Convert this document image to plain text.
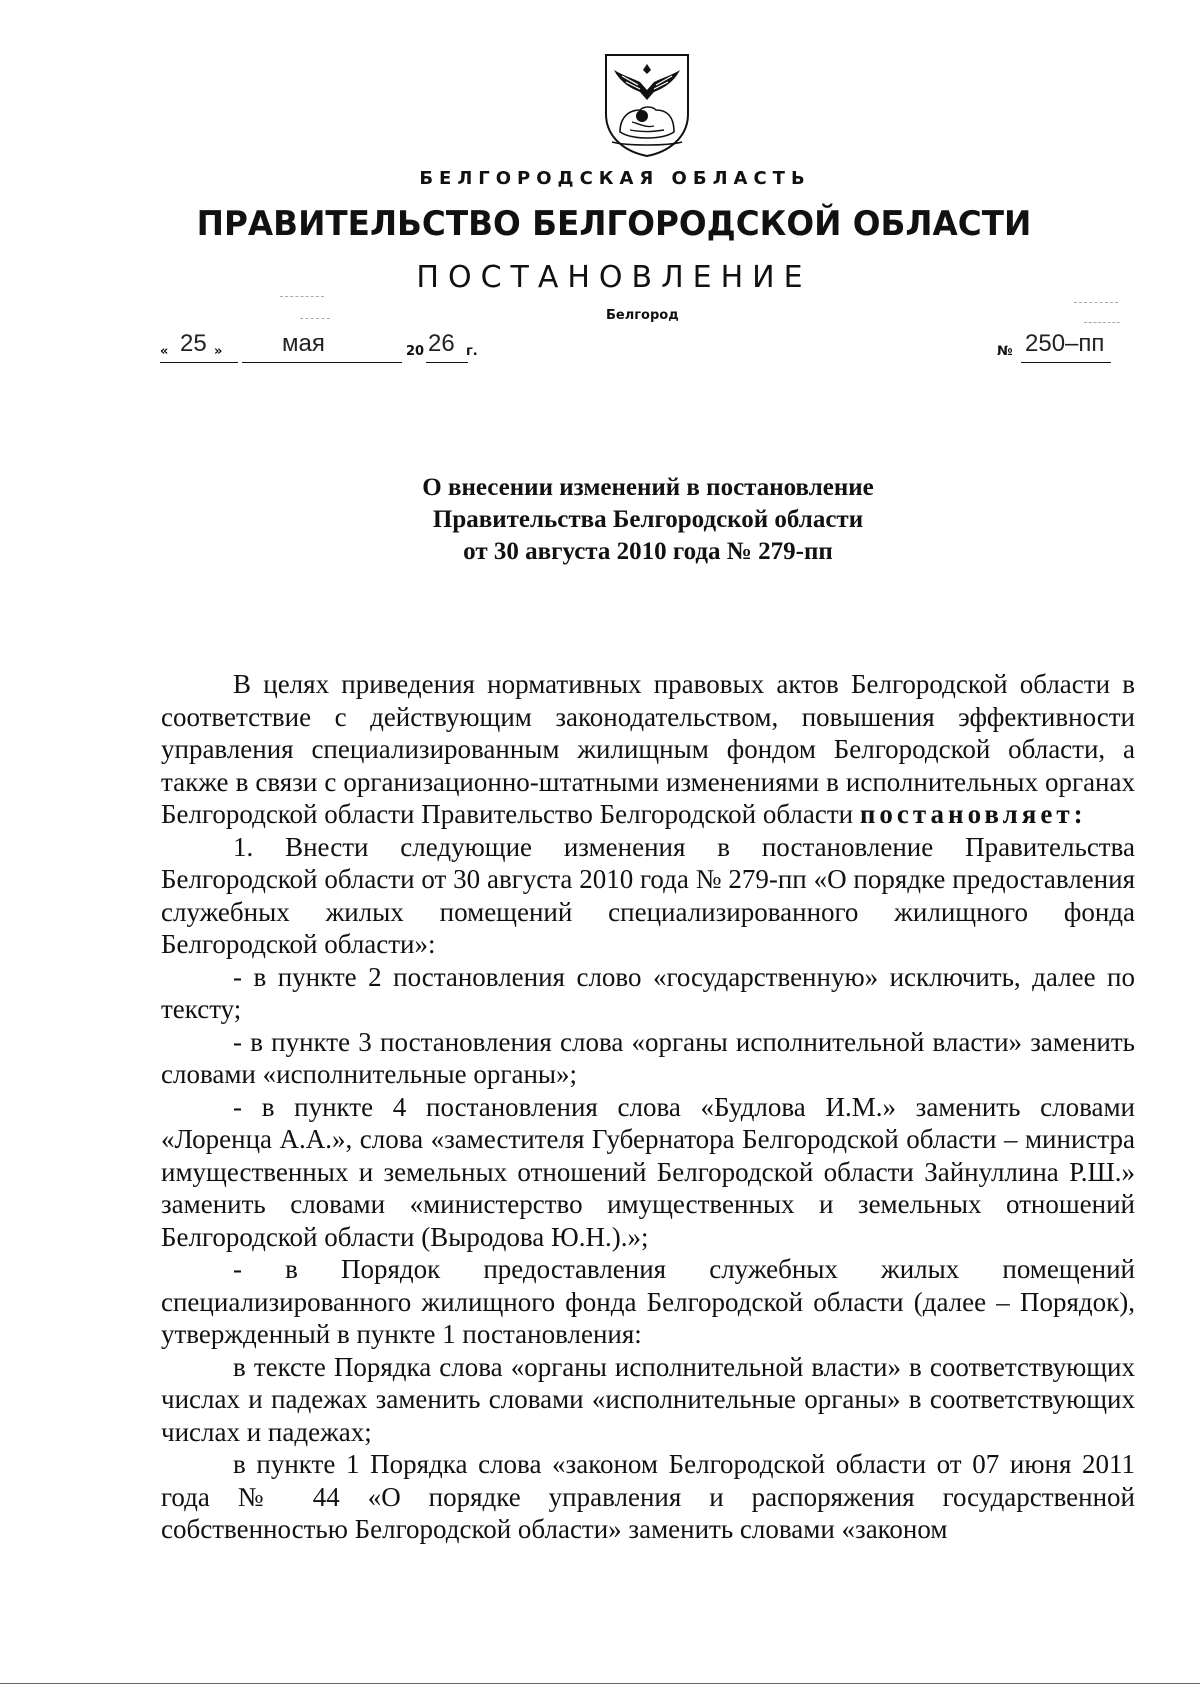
БЕЛГОРОДСКАЯ ОБЛАСТЬ
ПРАВИТЕЛЬСТВО БЕЛГОРОДСКОЙ ОБЛАСТИ
ПОСТАНОВЛЕНИЕ
Белгород
« 25 » мая	20 26 г.	№ 250–пп
О внесении изменений в постановление
Правительства Белгородской области
от 30 августа 2010 года № 279-пп

В целях приведения нормативных правовых актов Белгородской области в соответствие с действующим законодательством, повышения эффективности управления специализированным жилищным фондом Белгородской области, а также в связи с организационно-штатными изменениями в исполнительных органах Белгородской области Правительство Белгородской области постановляет:

1. Внести следующие изменения в постановление Правительства Белгородской области от 30 августа 2010 года № 279-пп «О порядке предоставления служебных жилых помещений специализированного жилищного фонда Белгородской области»:

- в пункте 2 постановления слово «государственную» исключить, далее по тексту;

- в пункте 3 постановления слова «органы исполнительной власти» заменить словами «исполнительные органы»;

- в пункте 4 постановления слова «Будлова И.М.» заменить словами «Лоренца А.А.», слова «заместителя Губернатора Белгородской области – министра имущественных и земельных отношений Белгородской области Зайнуллина Р.Ш.» заменить словами «министерство имущественных и земельных отношений Белгородской области (Выродова Ю.Н.).»;

- в Порядок предоставления служебных жилых помещений специализированного жилищного фонда Белгородской области (далее – Порядок), утвержденный в пункте 1 постановления:

в тексте Порядка слова «органы исполнительной власти» в соответствующих числах и падежах заменить словами «исполнительные органы» в соответствующих числах и падежах;

в пункте 1 Порядка слова «законом Белгородской области от 07 июня 2011 года № 44 «О порядке управления и распоряжения государственной собственностью Белгородской области» заменить словами «законом
